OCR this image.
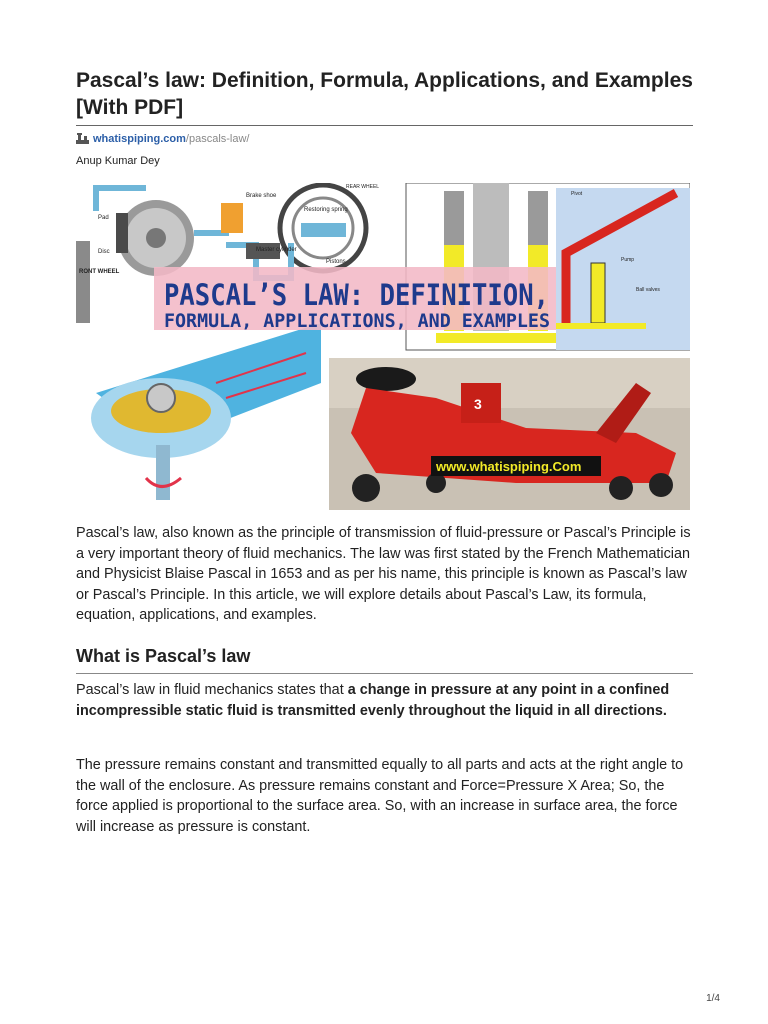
Pascal’s law: Definition, Formula, Applications, and Examples [With PDF]
whatispiping.com /pascals-law/
Anup Kumar Dey
Pad
Disc
RONT WHEEL
Brake shoe
Restoring spring
Master cylinder
Pistons
REAR WHEEL
Pivot
Pump
Ball valves
3
www.whatispiping.Com
PASCAL’S LAW: DEFINITION,
FORMULA, APPLICATIONS, AND EXAMPLES
Pascal’s law, also known as the principle of transmission of fluid-pressure or Pascal’s Principle is a very important theory of fluid mechanics. The law was first stated by the French Mathematician and Physicist Blaise Pascal in 1653 and as per his name, this principle is known as Pascal’s law or Pascal’s Principle. In this article, we will explore details about Pascal’s Law, its formula, equation, applications, and examples.
What is Pascal’s law
Pascal’s law in fluid mechanics states that a change in pressure at any point in a confined incompressible static fluid is transmitted evenly throughout the liquid in all directions.
The pressure remains constant and transmitted equally to all parts and acts at the right angle to the wall of the enclosure. As pressure remains constant and Force=Pressure X Area; So, the force applied is proportional to the surface area. So, with an increase in surface area, the force will increase as pressure is constant.
1/4
